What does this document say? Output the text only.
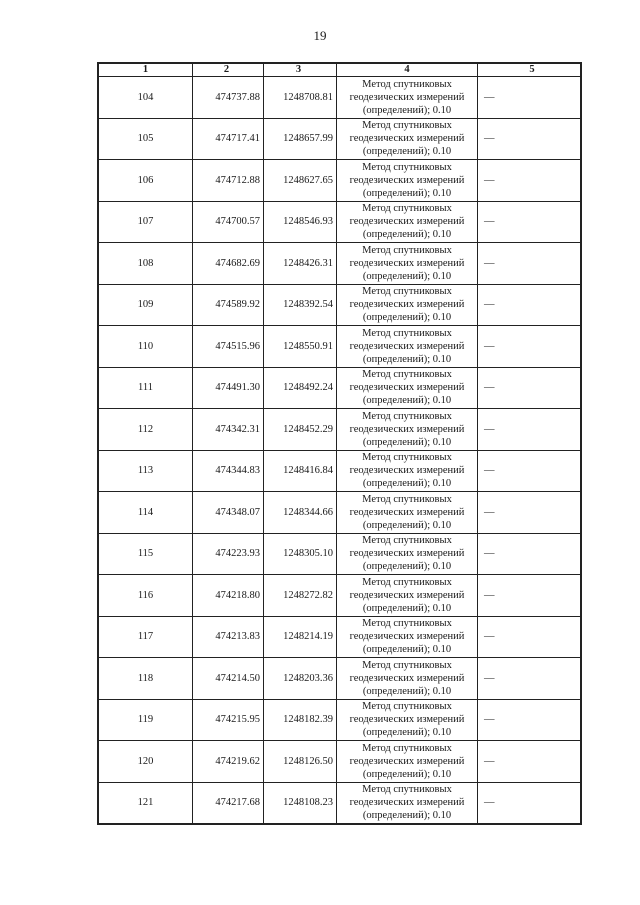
19
1	2	3	4	5
104	474737.88	1248708.81	Метод спутниковых
геодезических измерений
(определений); 0.10	—
105	474717.41	1248657.99	Метод спутниковых
геодезических измерений
(определений); 0.10	—
106	474712.88	1248627.65	Метод спутниковых
геодезических измерений
(определений); 0.10	—
107	474700.57	1248546.93	Метод спутниковых
геодезических измерений
(определений); 0.10	—
108	474682.69	1248426.31	Метод спутниковых
геодезических измерений
(определений); 0.10	—
109	474589.92	1248392.54	Метод спутниковых
геодезических измерений
(определений); 0.10	—
110	474515.96	1248550.91	Метод спутниковых
геодезических измерений
(определений); 0.10	—
111	474491.30	1248492.24	Метод спутниковых
геодезических измерений
(определений); 0.10	—
112	474342.31	1248452.29	Метод спутниковых
геодезических измерений
(определений); 0.10	—
113	474344.83	1248416.84	Метод спутниковых
геодезических измерений
(определений); 0.10	—
114	474348.07	1248344.66	Метод спутниковых
геодезических измерений
(определений); 0.10	—
115	474223.93	1248305.10	Метод спутниковых
геодезических измерений
(определений); 0.10	—
116	474218.80	1248272.82	Метод спутниковых
геодезических измерений
(определений); 0.10	—
117	474213.83	1248214.19	Метод спутниковых
геодезических измерений
(определений); 0.10	—
118	474214.50	1248203.36	Метод спутниковых
геодезических измерений
(определений); 0.10	—
119	474215.95	1248182.39	Метод спутниковых
геодезических измерений
(определений); 0.10	—
120	474219.62	1248126.50	Метод спутниковых
геодезических измерений
(определений); 0.10	—
121	474217.68	1248108.23	Метод спутниковых
геодезических измерений
(определений); 0.10	—
